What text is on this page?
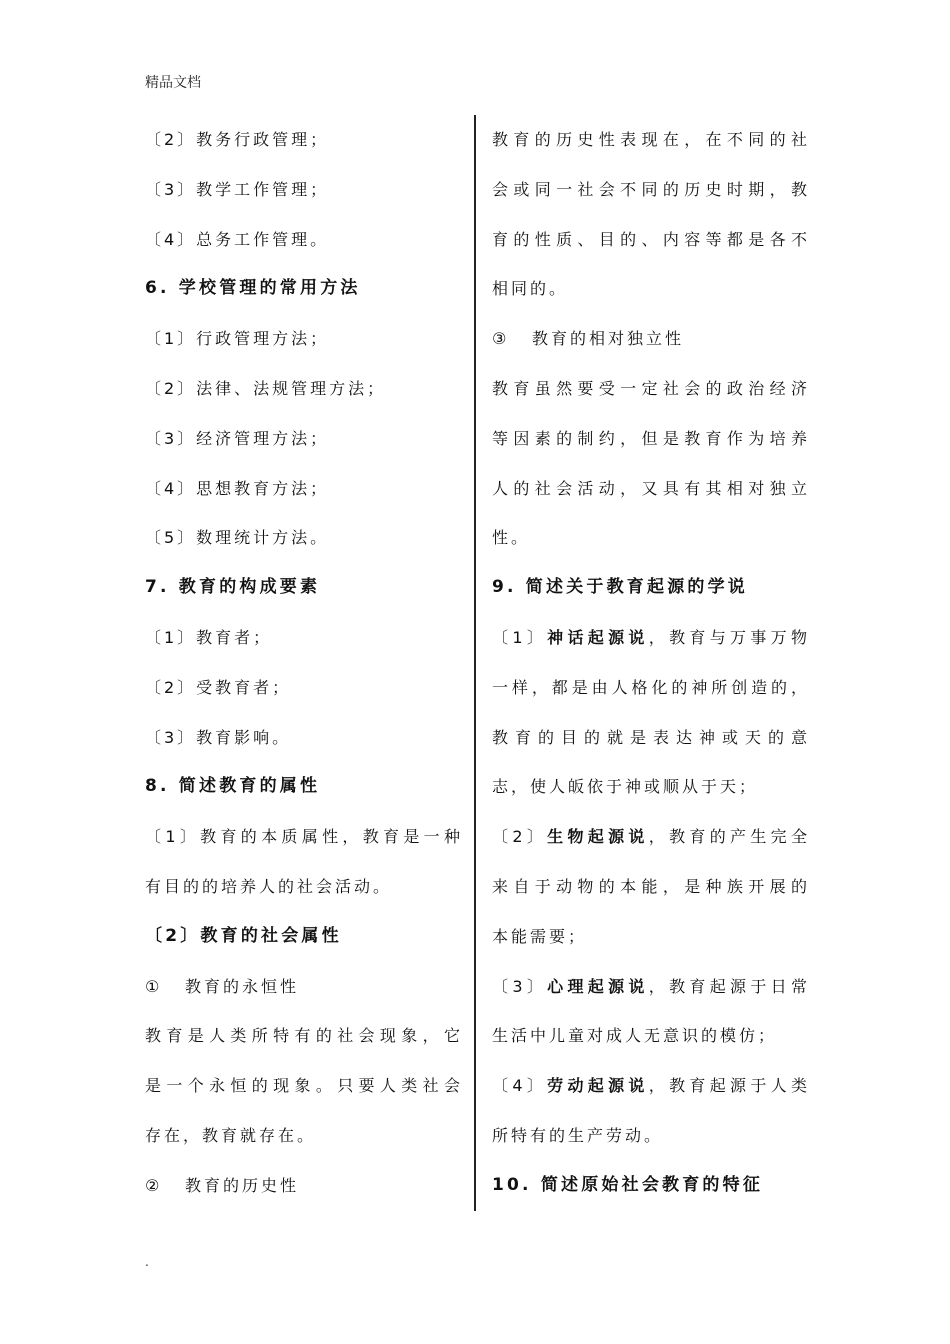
精品文档
〔2〕教务行政管理；
〔3〕教学工作管理；
〔4〕总务工作管理。
6. 学校管理的常用方法
〔1〕行政管理方法；
〔2〕法律、法规管理方法；
〔3〕经济管理方法；
〔4〕思想教育方法；
〔5〕数理统计方法。
7. 教育的构成要素
〔1〕教育者；
〔2〕受教育者；
〔3〕教育影响。
8. 简述教育的属性
〔1〕教育的本质属性，教育是一种
有目的的培养人的社会活动。
〔2〕教育的社会属性
① 教育的永恒性
教育是人类所特有的社会现象，它
是一个永恒的现象。只要人类社会
存在，教育就存在。
② 教育的历史性
教育的历史性表现在，在不同的社
会或同一社会不同的历史时期，教
育的性质、目的、内容等都是各不
相同的。
③ 教育的相对独立性
教育虽然要受一定社会的政治经济
等因素的制约，但是教育作为培养
人的社会活动，又具有其相对独立
性。
9. 简述关于教育起源的学说
〔1〕神话起源说，教育与万事万物
一样，都是由人格化的神所创造的，
教育的目的就是表达神或天的意
志，使人皈依于神或顺从于天；
〔2〕生物起源说，教育的产生完全
来自于动物的本能，是种族开展的
本能需要；
〔3〕心理起源说，教育起源于日常
生活中儿童对成人无意识的模仿；
〔4〕劳动起源说，教育起源于人类
所特有的生产劳动。
10. 简述原始社会教育的特征
.
